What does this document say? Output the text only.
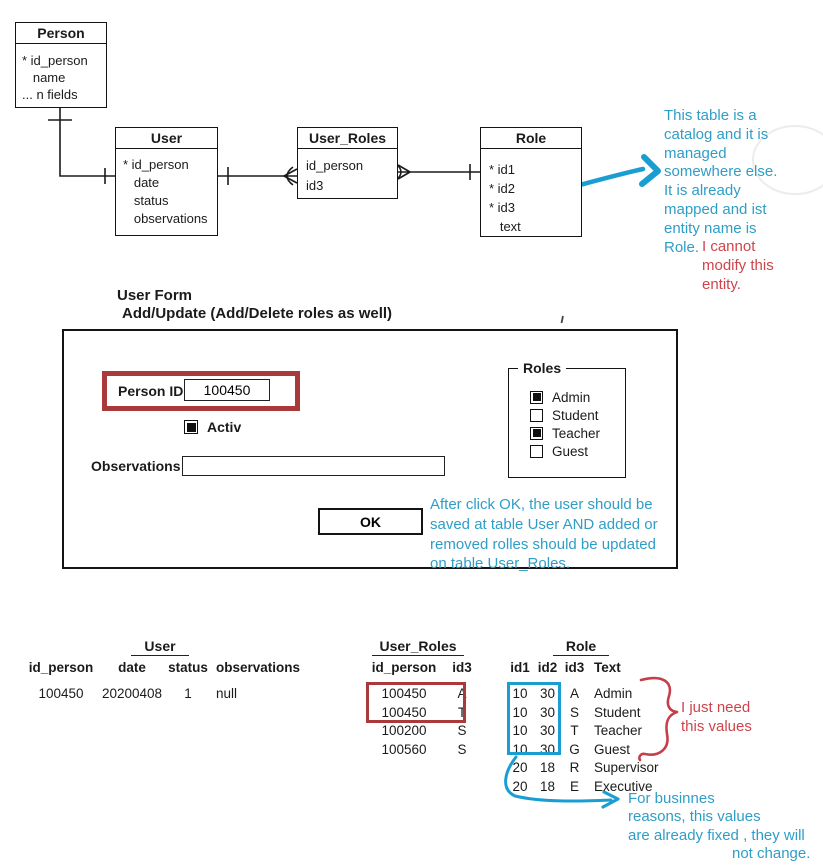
Person
* id_person
name
... n fields
User
* id_person
date
status
observations
User_Roles
id_person
id3
Role
* id1
* id2
* id3
text
This table is a
catalog and it is
managed
somewhere else.
It is already
mapped and ist
entity name is
Role. I cannot
modify this
entity.
User Form
Add/Update (Add/Delete roles as well)
Person ID
100450
Activ
Observations
Roles
Admin
Student
Teacher
Guest
OK
After click OK, the user should be
saved at table User AND added or
removed rolles should be updated
on table User_Roles.
User
id_person	date	status observations
100450	20200408	1	null
User_Roles
id_person	id3
100450	A
100450	T
100200	S
100560	S
Role
id1 id2 id3 Text
10 30	A	Admin
10 30	S	Student
10 30	T	Teacher
10 30	G	Guest
20 18	R	Supervisor
20 18	E	Executive
I just need
this values
For businnes
reasons, this values
are already fixed , they will
not change.
